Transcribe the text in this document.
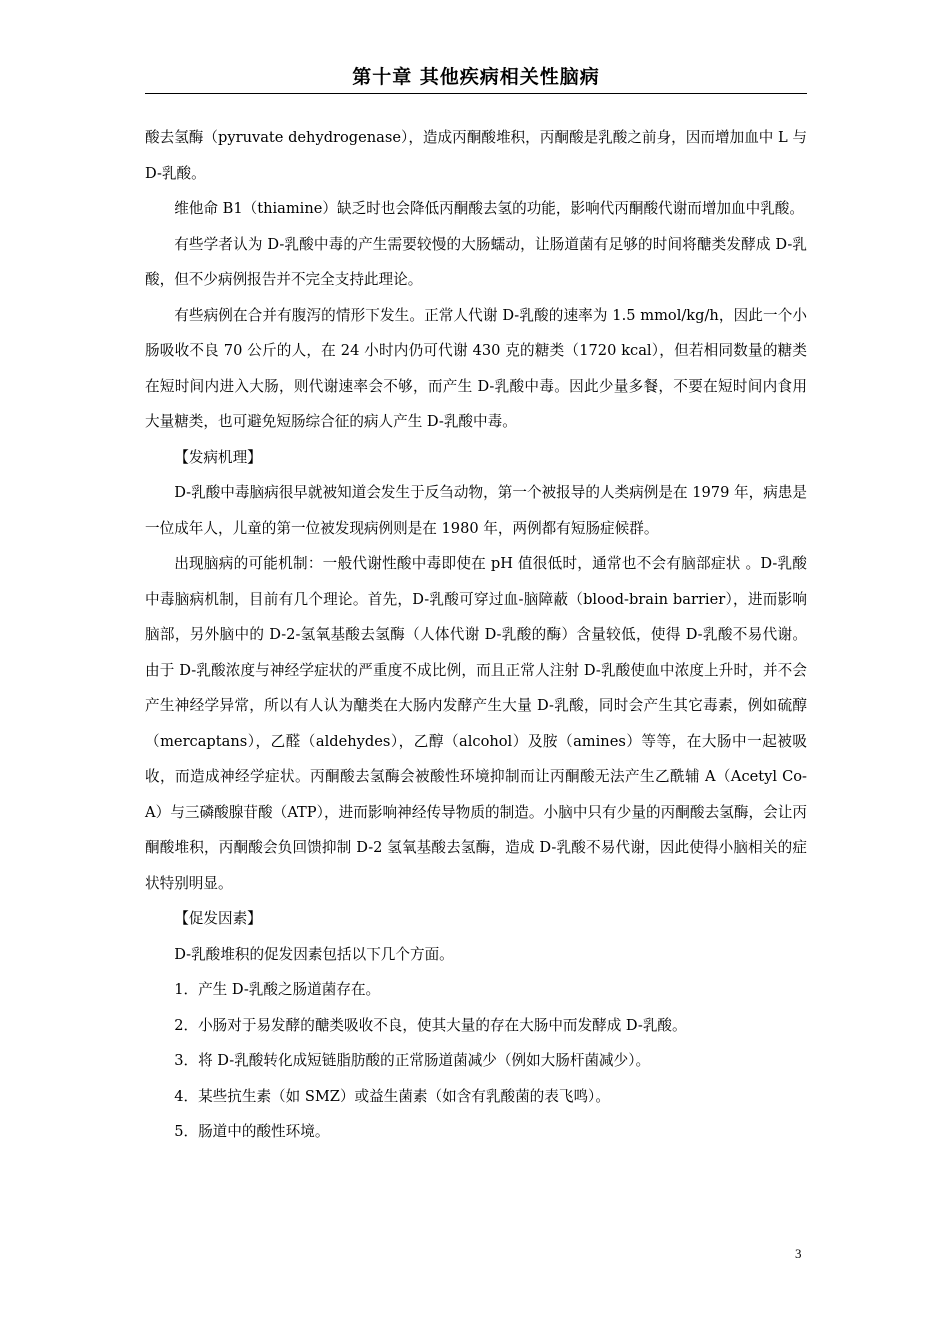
第十章 其他疾病相关性脑病

酸去氢酶（pyruvate dehydrogenase），造成丙酮酸堆积，丙酮酸是乳酸之前身，因而增加血中 L 与 D-乳酸。

维他命 B1（thiamine）缺乏时也会降低丙酮酸去氢的功能，影响代丙酮酸代谢而增加血中乳酸。

有些学者认为 D-乳酸中毒的产生需要较慢的大肠蠕动，让肠道菌有足够的时间将醣类发酵成 D-乳酸，但不少病例报告并不完全支持此理论。

有些病例在合并有腹泻的情形下发生。正常人代谢 D-乳酸的速率为 1.5 mmol/kg/h，因此一个小肠吸收不良 70 公斤的人，在 24 小时内仍可代谢 430 克的糖类（1720 kcal），但若相同数量的糖类在短时间内进入大肠，则代谢速率会不够，而产生 D-乳酸中毒。因此少量多餐，不要在短时间内食用大量糖类，也可避免短肠综合征的病人产生 D-乳酸中毒。

【发病机理】

D-乳酸中毒脑病很早就被知道会发生于反刍动物，第一个被报导的人类病例是在 1979 年，病患是一位成年人，儿童的第一位被发现病例则是在 1980 年，两例都有短肠症候群。

出现脑病的可能机制：一般代谢性酸中毒即使在 pH 值很低时，通常也不会有脑部症状 。D-乳酸中毒脑病机制，目前有几个理论。首先，D-乳酸可穿过血-脑障蔽（blood-brain barrier），进而影响脑部，另外脑中的 D-2-氢氧基酸去氢酶（人体代谢 D-乳酸的酶）含量较低，使得 D-乳酸不易代谢。由于 D-乳酸浓度与神经学症状的严重度不成比例，而且正常人注射 D-乳酸使血中浓度上升时，并不会产生神经学异常，所以有人认为醣类在大肠内发酵产生大量 D-乳酸，同时会产生其它毒素，例如硫醇（mercaptans），乙醛（aldehydes），乙醇（alcohol）及胺（amines）等等，在大肠中一起被吸收，而造成神经学症状。丙酮酸去氢酶会被酸性环境抑制而让丙酮酸无法产生乙酰辅 A（Acetyl Co-A）与三磷酸腺苷酸（ATP），进而影响神经传导物质的制造。小脑中只有少量的丙酮酸去氢酶，会让丙酮酸堆积，丙酮酸会负回馈抑制 D-2 氢氧基酸去氢酶，造成 D-乳酸不易代谢，因此使得小脑相关的症状特别明显。

【促发因素】

D-乳酸堆积的促发因素包括以下几个方面。

1．产生 D-乳酸之肠道菌存在。

2．小肠对于易发酵的醣类吸收不良，使其大量的存在大肠中而发酵成 D-乳酸。

3．将 D-乳酸转化成短链脂肪酸的正常肠道菌减少（例如大肠杆菌减少）。

4．某些抗生素（如 SMZ）或益生菌素（如含有乳酸菌的表飞鸣）。

5．肠道中的酸性环境。

3
